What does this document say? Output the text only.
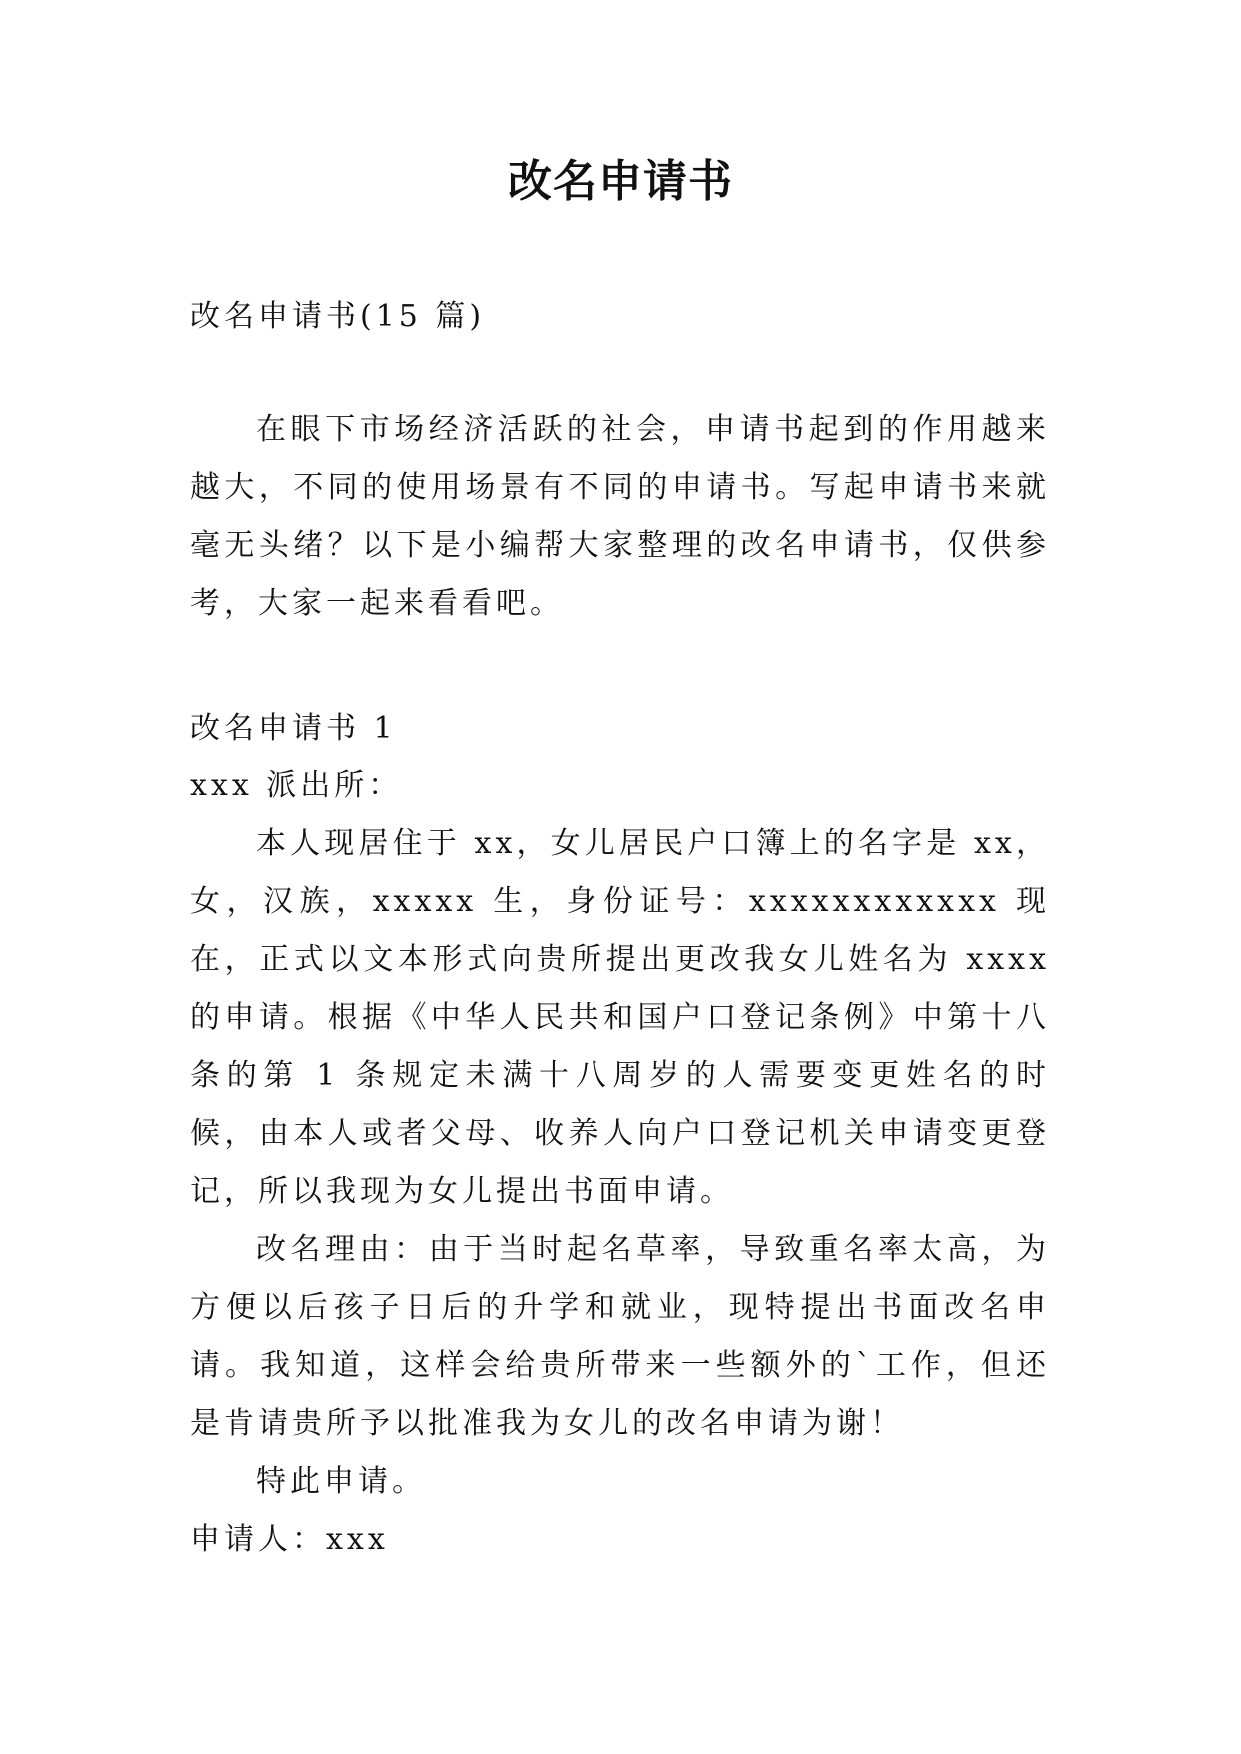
改名申请书

改名申请书(15 篇)

在眼下市场经济活跃的社会，申请书起到的作用越来越大，不同的使用场景有不同的申请书。写起申请书来就毫无头绪？以下是小编帮大家整理的改名申请书，仅供参考，大家一起来看看吧。

改名申请书 1

xxx 派出所：

本人现居住于 xx，女儿居民户口簿上的名字是 xx，女，汉族，xxxxx 生，身份证号：xxxxxxxxxxxx 现在，正式以文本形式向贵所提出更改我女儿姓名为 xxxx 的申请。根据《中华人民共和国户口登记条例》中第十八条的第 1 条规定未满十八周岁的人需要变更姓名的时候，由本人或者父母、收养人向户口登记机关申请变更登记，所以我现为女儿提出书面申请。

改名理由：由于当时起名草率，导致重名率太高，为方便以后孩子日后的升学和就业，现特提出书面改名申请。我知道，这样会给贵所带来一些额外的`工作，但还是肯请贵所予以批准我为女儿的改名申请为谢！

特此申请。

申请人：xxx
